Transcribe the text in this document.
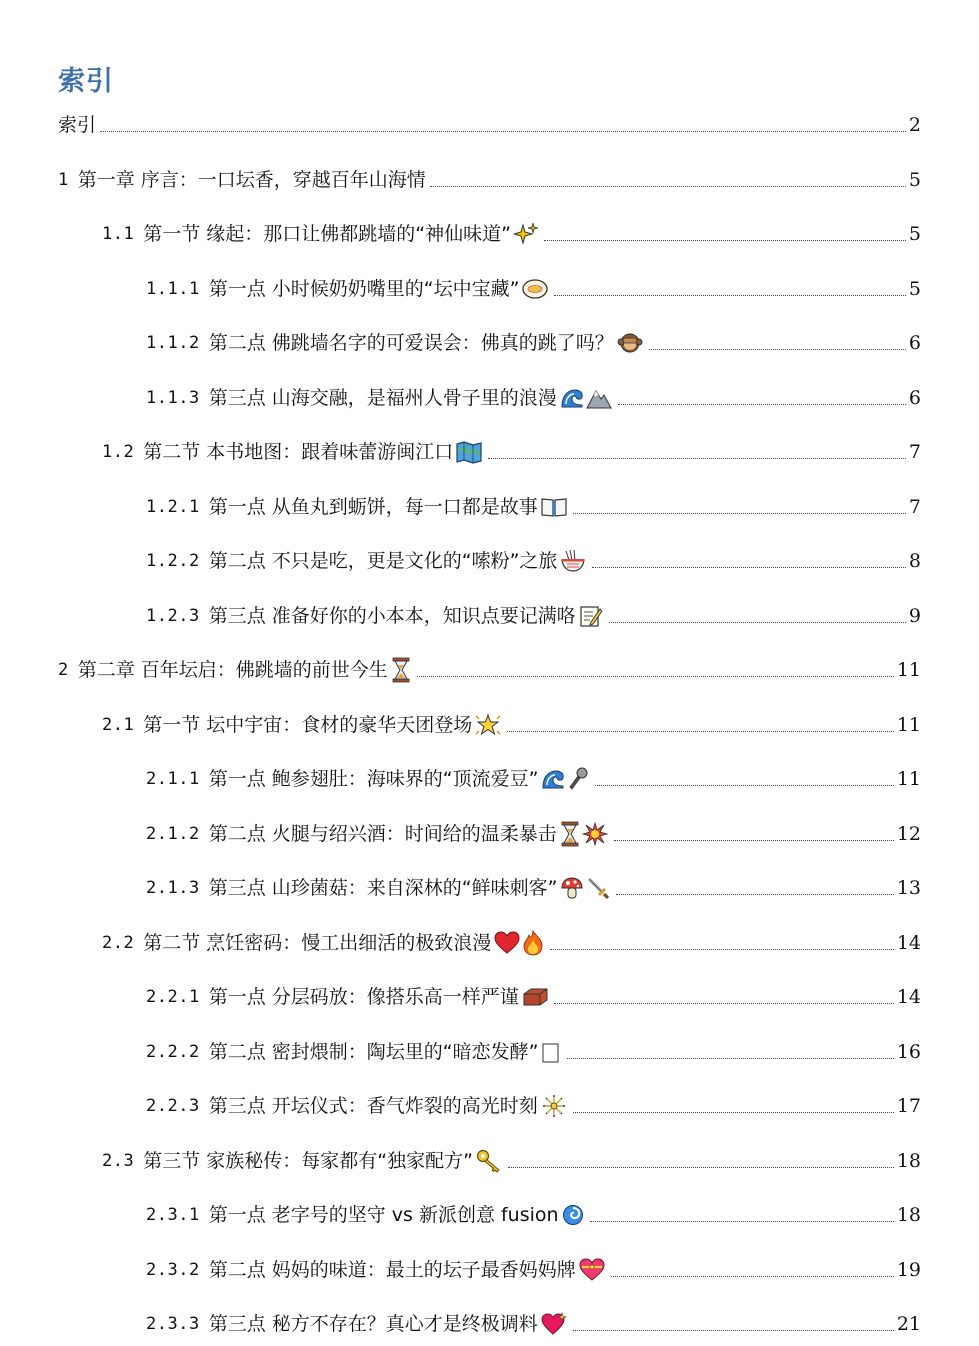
索引
索引	2
1 第一章 序言：一口坛香，穿越百年山海情	5
1.1 第一节 缘起：那口让佛都跳墙的“神仙味道”	5
1.1.1 第一点 小时候奶奶嘴里的“坛中宝藏”	5
1.1.2 第二点 佛跳墙名字的可爱误会：佛真的跳了吗？	6
1.1.3 第三点 山海交融，是福州人骨子里的浪漫	6
1.2 第二节 本书地图：跟着味蕾游闽江口	7
1.2.1 第一点 从鱼丸到蛎饼，每一口都是故事	7
1.2.2 第二点 不只是吃，更是文化的“嗦粉”之旅	8
1.2.3 第三点 准备好你的小本本，知识点要记满咯	9
2 第二章 百年坛启：佛跳墙的前世今生	11
2.1 第一节 坛中宇宙：食材的豪华天团登场	11
2.1.1 第一点 鲍参翅肚：海味界的“顶流爱豆”	11
2.1.2 第二点 火腿与绍兴酒：时间给的温柔暴击	12
2.1.3 第三点 山珍菌菇：来自深林的“鲜味刺客”	13
2.2 第二节 烹饪密码：慢工出细活的极致浪漫	14
2.2.1 第一点 分层码放：像搭乐高一样严谨	14
2.2.2 第二点 密封煨制：陶坛里的“暗恋发酵”	16
2.2.3 第三点 开坛仪式：香气炸裂的高光时刻	17
2.3 第三节 家族秘传：每家都有“独家配方”	18
2.3.1 第一点 老字号的坚守 vs 新派创意 fusion	18
2.3.2 第二点 妈妈的味道：最土的坛子最香妈妈牌	19
2.3.3 第三点 秘方不存在？真心才是终极调料	21
